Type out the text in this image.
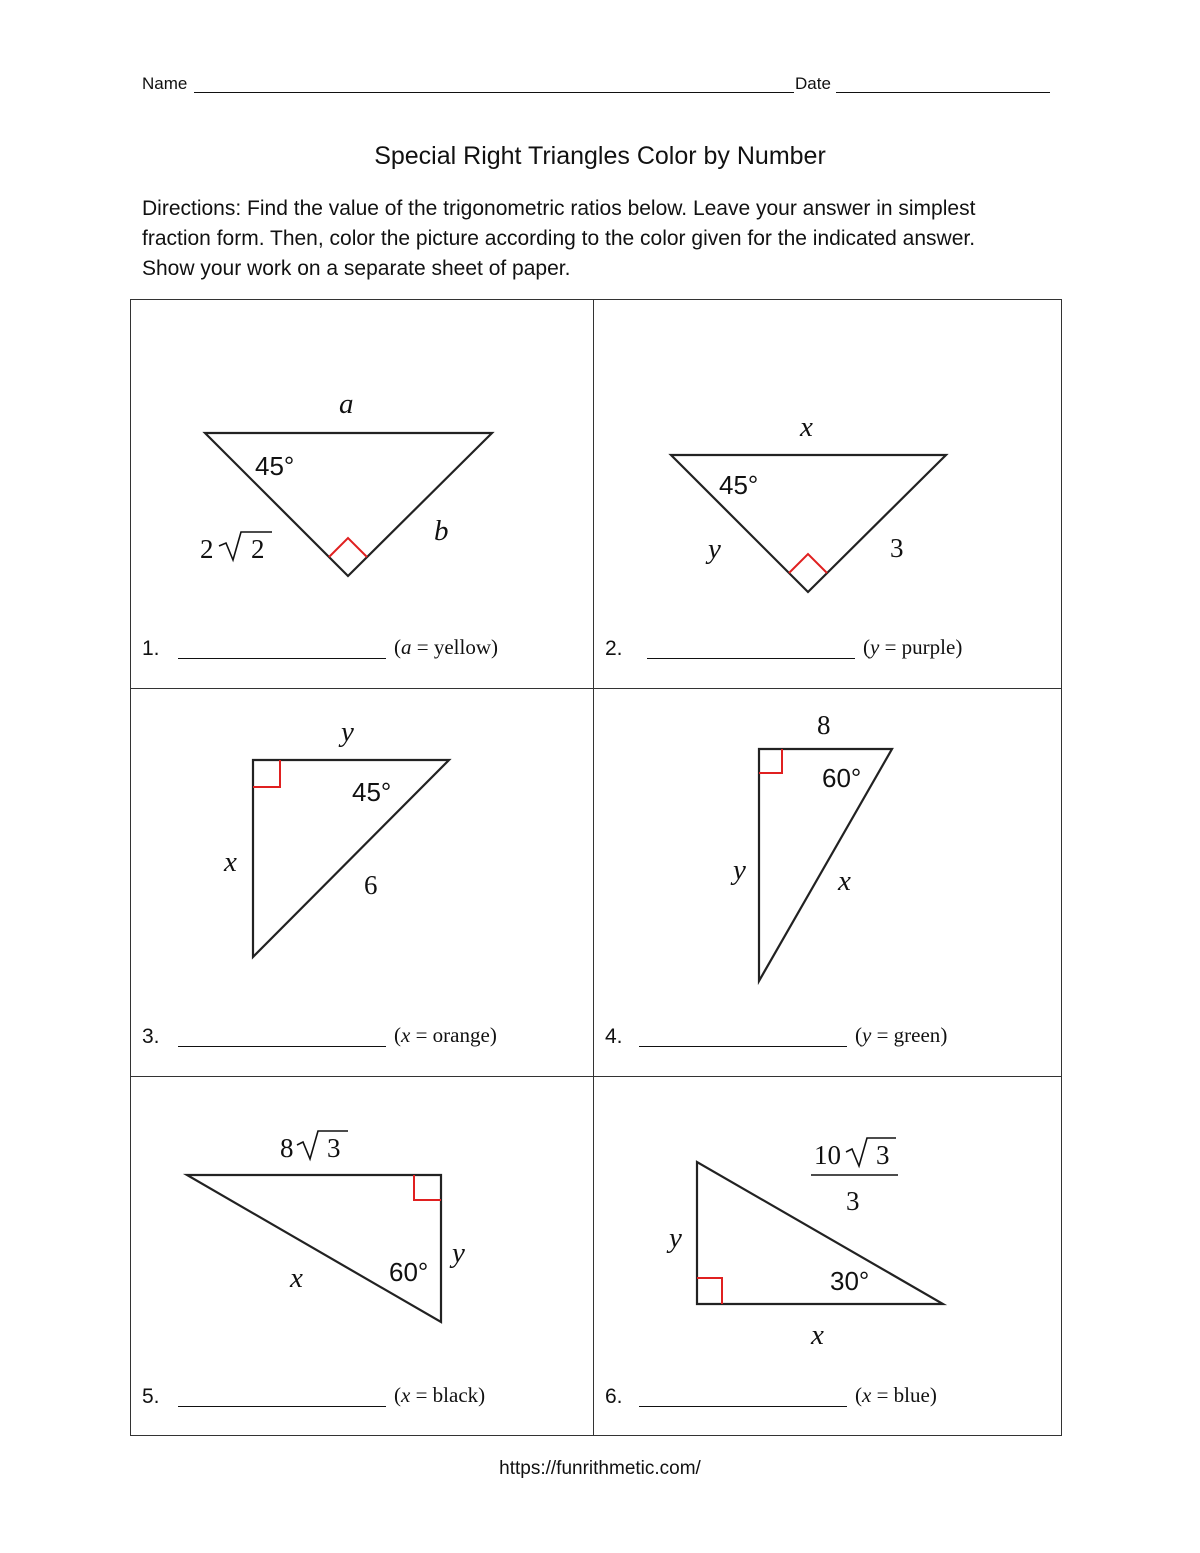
Name	Date
Special Right Triangles Color by Number
Directions: Find the value of the trigonometric ratios below. Leave your answer in simplest fraction form. Then, color the picture according to the color given for the indicated answer. Show your work on a separate sheet of paper.
a
45°
2 2
b
x
45°
y	3
y
45°
x
6
8
60°
y	x
8 3
60°
y
x
10 3
3
y
30°
x
1.	(a = yellow)	2.	(y = purple)
3.	(x = orange)	4.	(y = green)
5.	(x = black)	6.	(x = blue)
https://funrithmetic.com/
